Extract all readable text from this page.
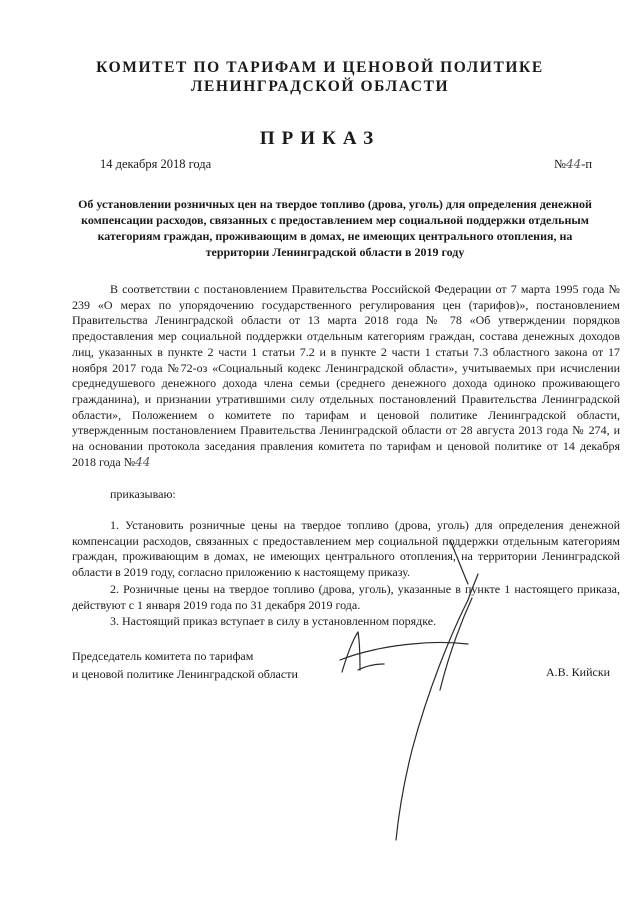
КОМИТЕТ ПО ТАРИФАМ И ЦЕНОВОЙ ПОЛИТИКЕ
ЛЕНИНГРАДСКОЙ ОБЛАСТИ
ПРИКАЗ
14 декабря 2018 года	№44-п
Об установлении розничных цен на твердое топливо (дрова, уголь) для определения денежной компенсации расходов, связанных с предоставлением мер социальной поддержки отдельным категориям граждан, проживающим в домах, не имеющих центрального отопления, на территории Ленинградской области в 2019 году

В соответствии с постановлением Правительства Российской Федерации от 7 марта 1995 года № 239 «О мерах по упорядочению государственного регулирования цен (тарифов)», постановлением Правительства Ленинградской области от 13 марта 2018 года № 78 «Об утверждении порядков предоставления мер социальной поддержки отдельным категориям граждан, состава денежных доходов лиц, указанных в пункте 2 части 1 статьи 7.2 и в пункте 2 части 1 статьи 7.3 областного закона от 17 ноября 2017 года №72-оз «Социальный кодекс Ленинградской области», учитываемых при исчислении среднедушевого денежного дохода члена семьи (среднего денежного дохода одиноко проживающего гражданина), и признании утратившими силу отдельных постановлений Правительства Ленинградской области», Положением о комитете по тарифам и ценовой политике Ленинградской области, утвержденным постановлением Правительства Ленинградской области от 28 августа 2013 года № 274, и на основании протокола заседания правления комитета по тарифам и ценовой политике от 14 декабря 2018 года №44

приказываю:

1. Установить розничные цены на твердое топливо (дрова, уголь) для определения денежной компенсации расходов, связанных с предоставлением мер социальной поддержки отдельным категориям граждан, проживающим в домах, не имеющих центрального отопления, на территории Ленинградской области в 2019 году, согласно приложению к настоящему приказу.

2. Розничные цены на твердое топливо (дрова, уголь), указанные в пункте 1 настоящего приказа, действуют с 1 января 2019 года по 31 декабря 2019 года.

3. Настоящий приказ вступает в силу в установленном порядке.

Председатель комитета по тарифам
и ценовой политике Ленинградской области	А.В. Кийски
